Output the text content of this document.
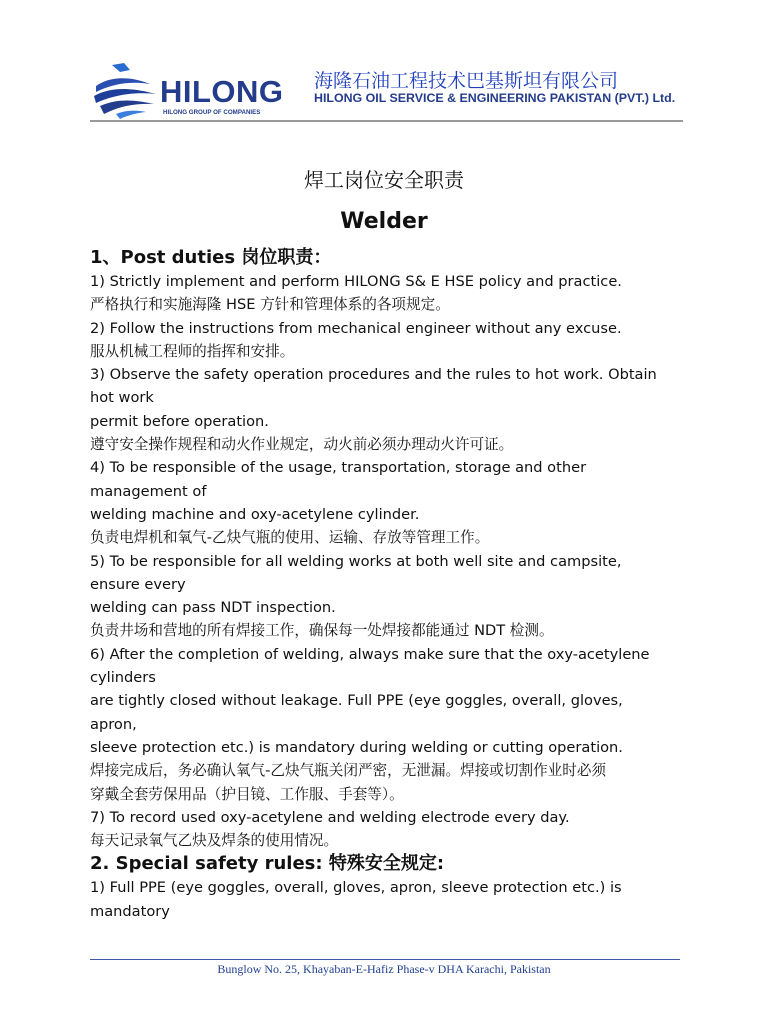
HILONG
HILONG GROUP OF COMPANIES
海隆石油工程技术巴基斯坦有限公司
HILONG OIL SERVICE & ENGINEERING PAKISTAN (PVT.) Ltd.
焊工岗位安全职责
Welder
1、Post duties 岗位职责：
1) Strictly implement and perform HILONG S& E HSE policy and practice.
严格执行和实施海隆 HSE 方针和管理体系的各项规定。
2) Follow the instructions from mechanical engineer without any excuse.
服从机械工程师的指挥和安排。
3) Observe the safety operation procedures and the rules to hot work. Obtain
hot work
permit before operation.
遵守安全操作规程和动火作业规定，动火前必须办理动火许可证。
4) To be responsible of the usage, transportation, storage and other
management of
welding machine and oxy-acetylene cylinder.
负责电焊机和氧气-乙炔气瓶的使用、运输、存放等管理工作。
5) To be responsible for all welding works at both well site and campsite,
ensure every
welding can pass NDT inspection.
负责井场和营地的所有焊接工作，确保每一处焊接都能通过 NDT 检测。
6) After the completion of welding, always make sure that the oxy-acetylene
cylinders
are tightly closed without leakage. Full PPE (eye goggles, overall, gloves,
apron,
sleeve protection etc.) is mandatory during welding or cutting operation.
焊接完成后，务必确认氧气-乙炔气瓶关闭严密，无泄漏。焊接或切割作业时必须
穿戴全套劳保用品（护目镜、工作服、手套等）。
7) To record used oxy-acetylene and welding electrode every day.
每天记录氧气乙炔及焊条的使用情况。
2. Special safety rules: 特殊安全规定:
1) Full PPE (eye goggles, overall, gloves, apron, sleeve protection etc.) is
mandatory
Bunglow No. 25, Khayaban-E-Hafiz Phase-v DHA Karachi, Pakistan
